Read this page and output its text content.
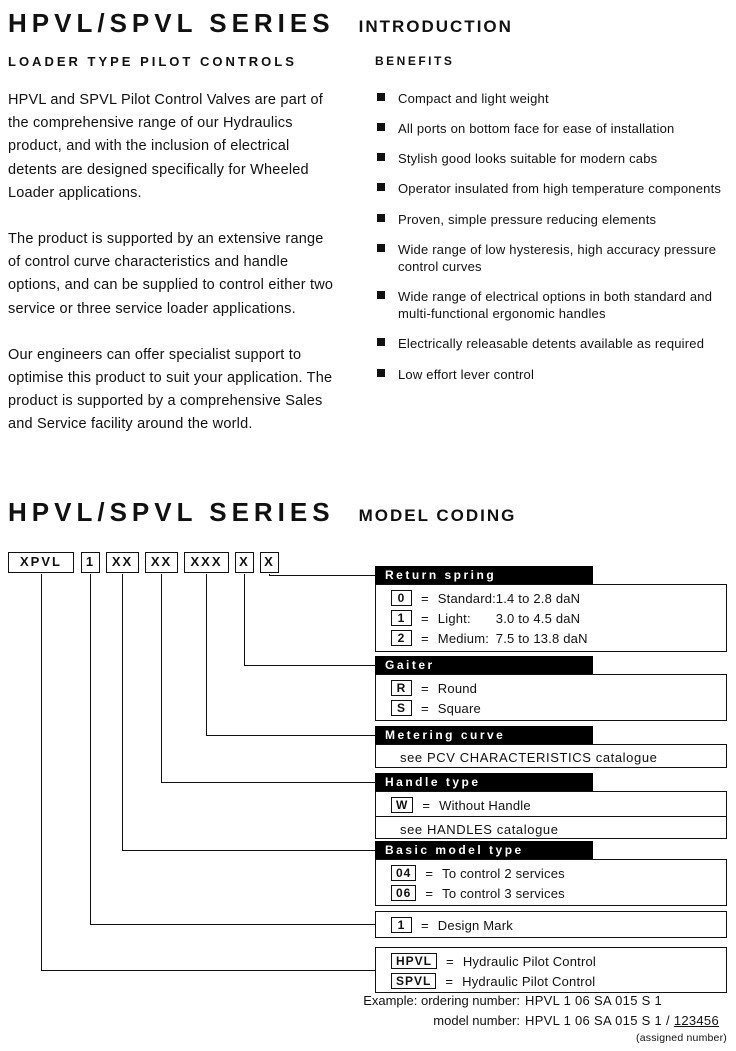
HPVL/SPVL SERIES INTRODUCTION
LOADER TYPE PILOT CONTROLS

HPVL and SPVL Pilot Control Valves are part of the comprehensive range of our Hydraulics product, and with the inclusion of electrical detents are designed specifically for Wheeled Loader applications.

The product is supported by an extensive range of control curve characteristics and handle options, and can be supplied to control either two service or three service loader applications.

Our engineers can offer specialist support to optimise this product to suit your application. The product is supported by a comprehensive Sales and Service facility around the world.

BENEFITS
Compact and light weight
All ports on bottom face for ease of installation
Stylish good looks suitable for modern cabs
Operator insulated from high temperature components
Proven, simple pressure reducing elements
Wide range of low hysteresis, high accuracy pressure control curves
Wide range of electrical options in both standard and multi-functional ergonomic handles
Electrically releasable detents available as required
Low effort lever control
HPVL/SPVL SERIES MODEL CODING
XPVL	1	XX	XX	XXX	X	X
Return spring
0	= Standard: 1.4 to 2.8 daN
1	= Light:	3.0 to 4.5 daN
2	= Medium: 7.5 to 13.8 daN
Gaiter
R	= Round
S	= Square
Metering curve
see PCV CHARACTERISTICS catalogue
Handle type
W	= Without Handle
see HANDLES catalogue
Basic model type
04	= To control 2 services
06	= To control 3 services
1	= Design Mark
HPVL	= Hydraulic Pilot Control
SPVL	= Hydraulic Pilot Control
Example: ordering number: HPVL 1 06 SA 015 S 1
model number: HPVL 1 06 SA 015 S 1 / 123456
(assigned number)
